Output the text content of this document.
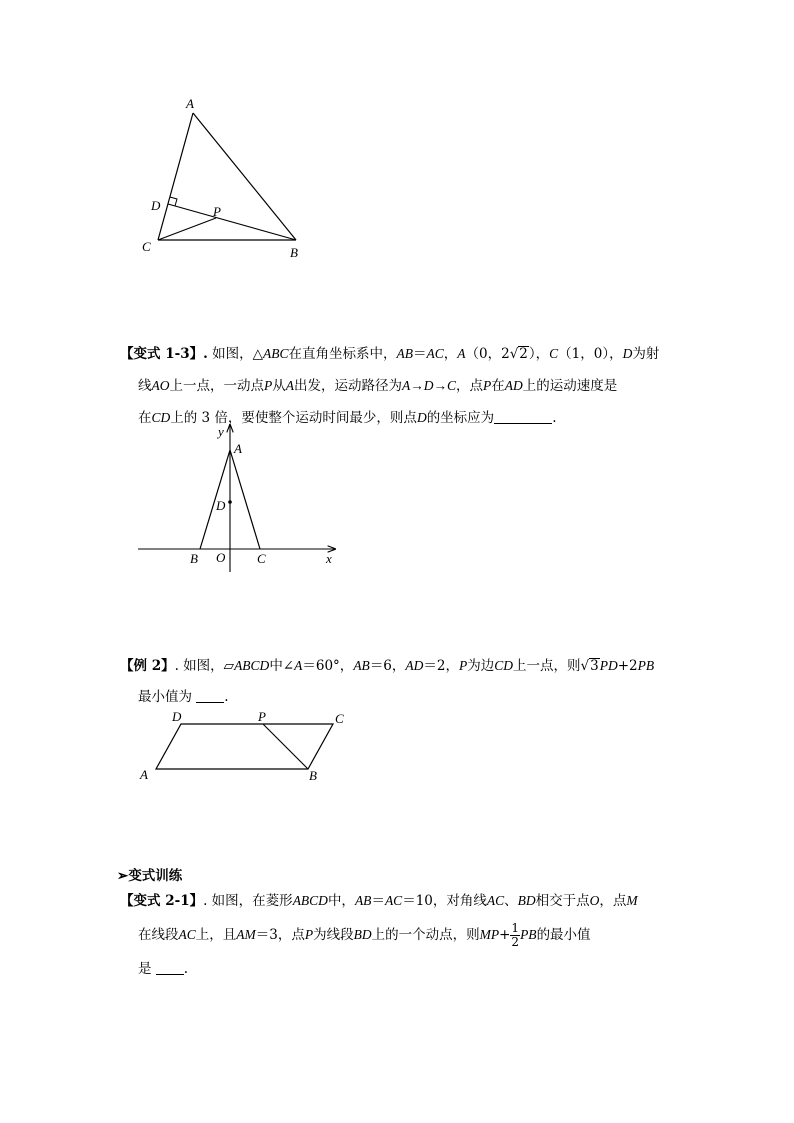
A
D	P
C	B
【变式 1-3】. 如图，△ABC在直角坐标系中，AB＝AC，A（0，2√2），C（1，0），D为射
线AO上一点，一动点P从A出发，运动路径为A→D→C，点P在AD上的运动速度是
在CD上的 3 倍，要使整个运动时间最少，则点D的坐标应为	.
y
x
A
D
B O C
【例 2】. 如图，▱ABCD中∠A＝60°，AB＝6，AD＝2，P为边CD上一点，则√3PD+2PB
最小值为 .
D	P	C
A	B
➢变式训练
【变式 2-1】. 如图，在菱形ABCD中，AB＝AC＝10，对角线AC、BD相交于点O，点M
在线段AC上，且AM＝3，点P为线段BD上的一个动点，则$MP+ \frac{1}{2}$ PB的最小值
是 .
